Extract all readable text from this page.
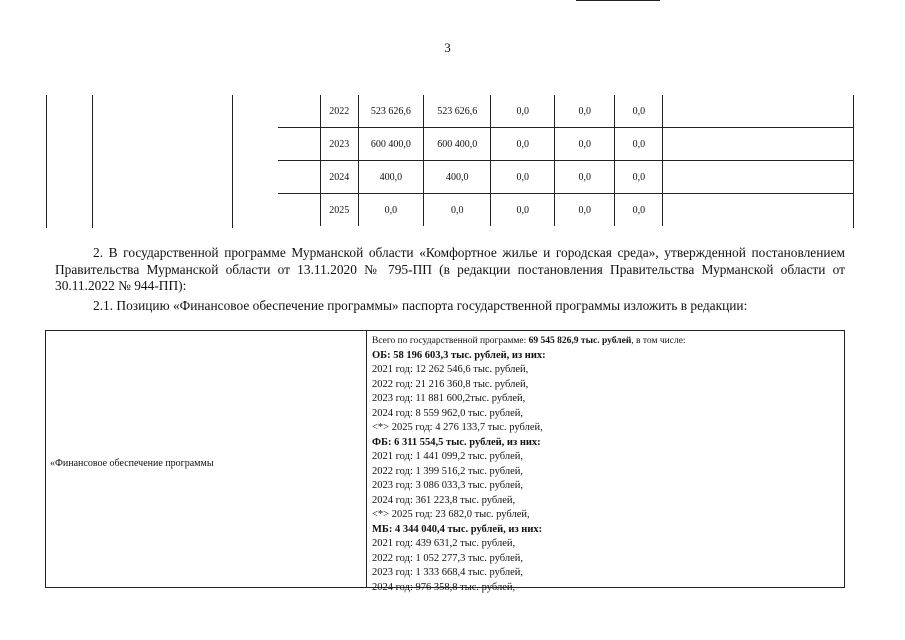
3
	2022	523 626,6	523 626,6	0,0	0,0	0,0	
	2023	600 400,0	600 400,0	0,0	0,0	0,0	
	2024	400,0	400,0	0,0	0,0	0,0	
	2025	0,0	0,0	0,0	0,0	0,0	
2. В государственной программе Мурманской области «Комфортное жилье и городская среда», утвержденной постановлением Правительства Мурманской области от 13.11.2020 № 795-ПП (в редакции постановления Правительства Мурманской области от 30.11.2022 № 944-ПП):
2.1. Позицию «Финансовое обеспечение программы» паспорта государственной программы изложить в редакции:
«Финансовое обеспечение программы
Всего по государственной программе: 69 545 826,9 тыс. рублей, в том числе:
ОБ: 58 196 603,3 тыс. рублей, из них:
2021 год: 12 262 546,6 тыс. рублей,
2022 год: 21 216 360,8 тыс. рублей,
2023 год: 11 881 600,2тыс. рублей,
2024 год: 8 559 962,0 тыс. рублей,
<*> 2025 год: 4 276 133,7 тыс. рублей,
ФБ: 6 311 554,5 тыс. рублей, из них:
2021 год: 1 441 099,2 тыс. рублей,
2022 год: 1 399 516,2 тыс. рублей,
2023 год: 3 086 033,3 тыс. рублей,
2024 год: 361 223,8 тыс. рублей,
<*> 2025 год: 23 682,0 тыс. рублей,
МБ: 4 344 040,4 тыс. рублей, из них:
2021 год: 439 631,2 тыс. рублей,
2022 год: 1 052 277,3 тыс. рублей,
2023 год: 1 333 668,4 тыс. рублей,
2024 год: 976 358,8 тыс. рублей,
